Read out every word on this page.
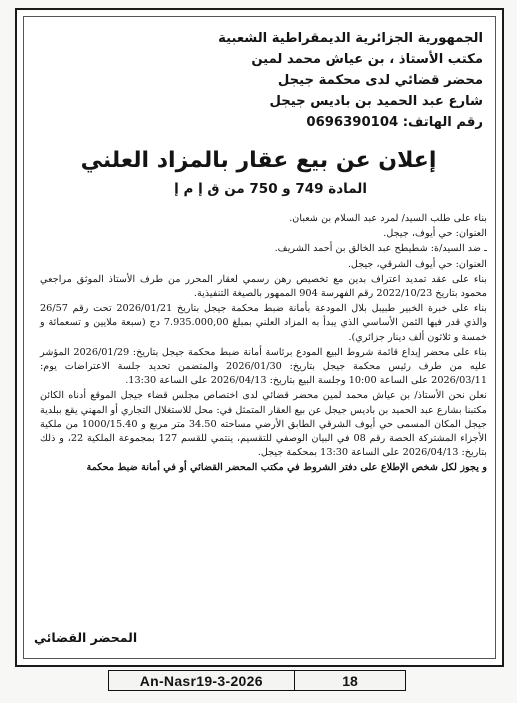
الجمهورية الجزائرية الديمقراطية الشعبية
مكتب الأستاذ ، بن عياش محمد لمين
محضر قضائي لدى محكمة جيجل
شارع عبد الحميد بن باديس جيجل
رقم الهاتف: 0696390104
إعلان عن بيع عقار بالمزاد العلني
المادة 749 و 750 من ق إ م إ

بناء على طلب السيد/ لمرد عبد السلام بن شعبان.

العنوان: حي أيوف، جيجل.

ـ ضد السيد/ة: شطيطح عبد الخالق بن أحمد الشريف.

العنوان: حي أيوف الشرقي، جيجل.

بناء على عقد تمديد اعتراف بدين مع تخصيص رهن رسمي لعقار المحرر من طرف الأستاذ الموثق مراجعي محمود بتاريخ 2022/10/23 رقم الفهرسة 904 الممهور بالصيغة التنفيذية.

بناء على خبرة الخبير طبيبل بلال المودعة بأمانة ضبط محكمة جيجل بتاريخ 2026/01/21 تحت رقم 26/57 والذي قدر فيها الثمن الأساسي الذي يبدأ به المزاد العلني بمبلغ 7.935.000,00 دج (سبعة ملايين و تسعمائة و خمسة و ثلاثون ألف دينار جزائري).

بناء على محضر إيداع قائمة شروط البيع المودع برئاسة أمانة ضبط محكمة جيجل بتاريخ: 2026/01/29 المؤشر عليه من طرف رئيس محكمة جيجل بتاريخ: 2026/01/30 والمتضمن تحديد جلسة الاعتراضات يوم: 2026/03/11 على الساعة 10:00 وجلسة البيع بتاريخ: 2026/04/13 على الساعة 13:30.

نعلن نحن الأستاذ/ بن عياش محمد لمين محضر قضائي لدى اختصاص مجلس قضاء جيجل الموقع أدناه الكائن مكتبنا بشارع عبد الحميد بن باديس جيجل عن بيع العقار المتمثل في: محل للاستغلال التجاري أو المهني يقع ببلدية جيجل المكان المسمى حي أيوف الشرقي الطابق الأرضي مساحته 34.50 متر مربع و 1000/15.40 من ملكية الأجزاء المشتركة الحصة رقم 08 في البيان الوصفي للتقسيم، ينتمي للقسم 127 بمجموعة الملكية 22، و ذلك بتاريخ: 2026/04/13 على الساعة 13:30 بمحكمة جيجل.

و يجوز لكل شخص الإطلاع على دفتر الشروط في مكتب المحضر القضائي أو في أمانة ضبط محكمة

المحضر القضائي
An-Nasr19-3-2026	18
